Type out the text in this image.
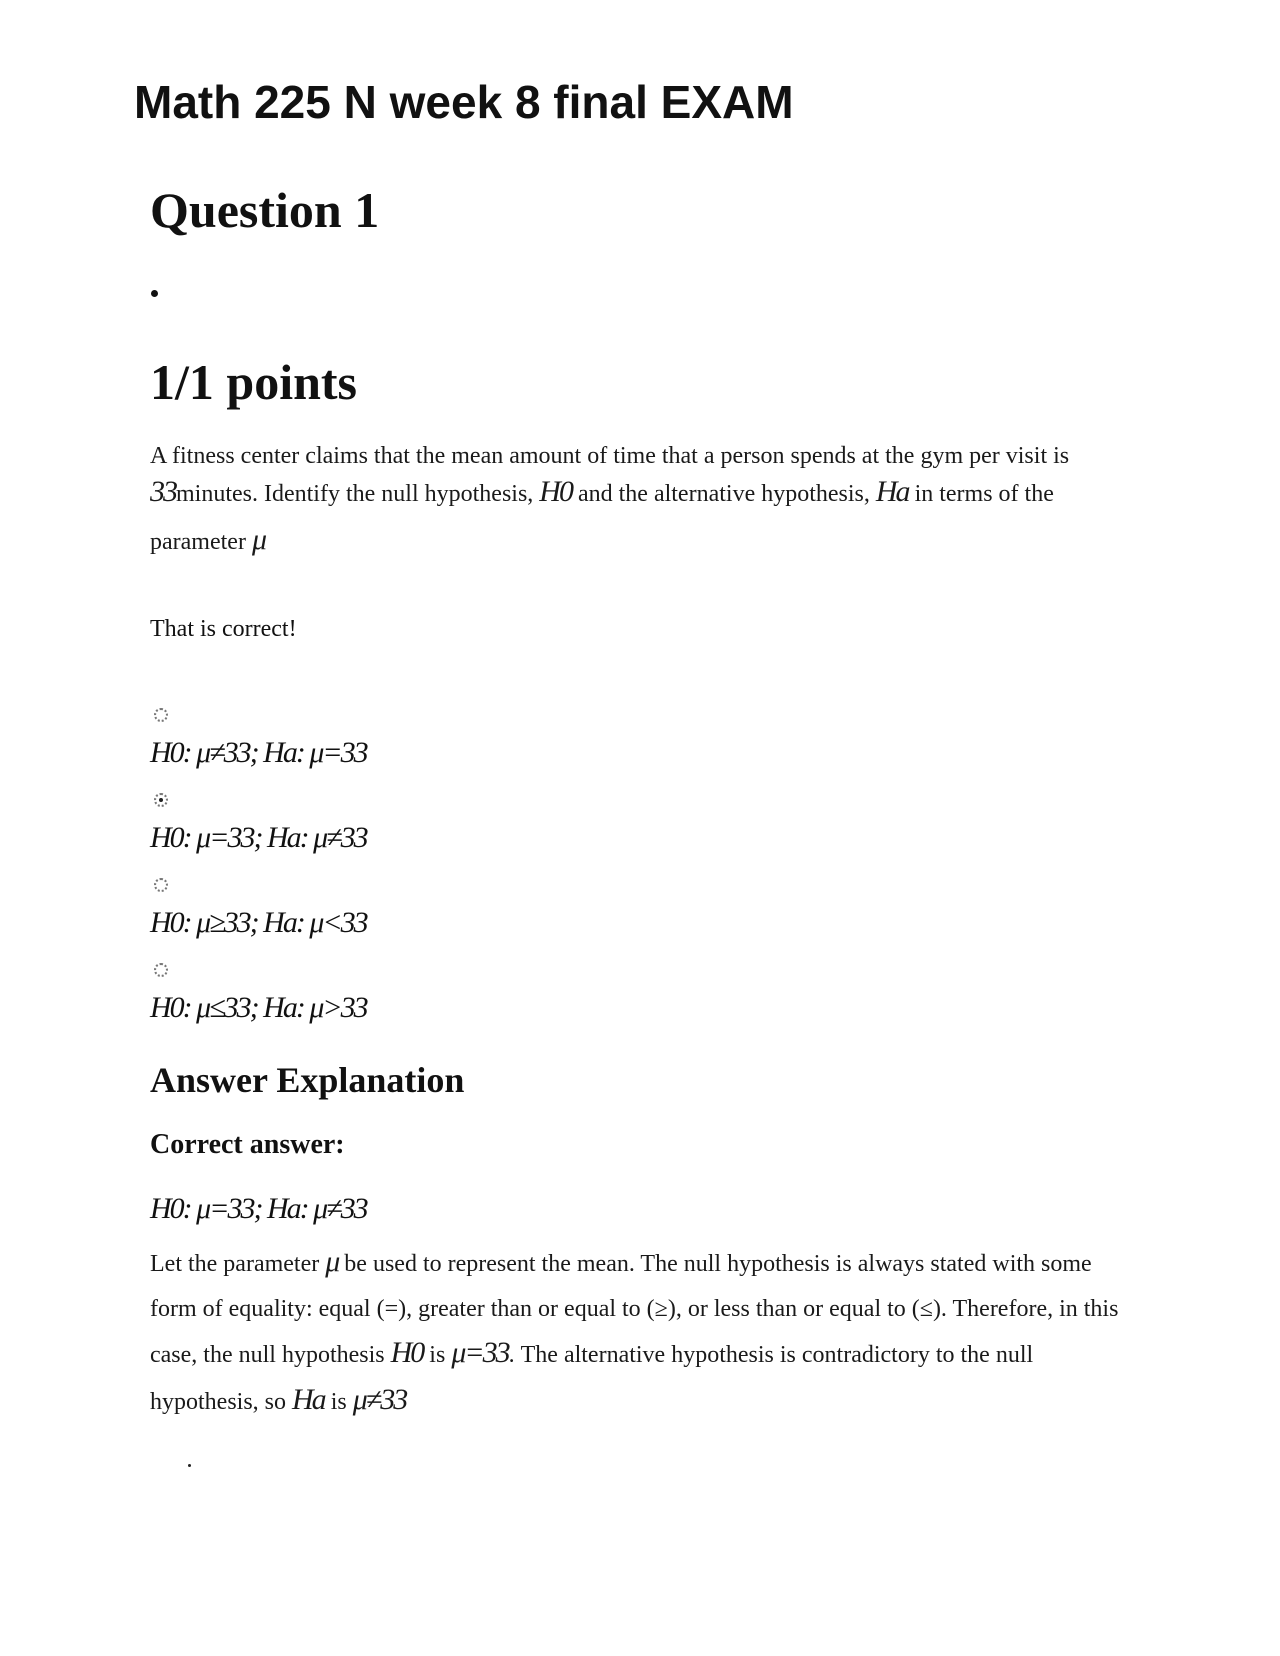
Math 225 N week 8 final EXAM
Question 1
1/1 points

A fitness center claims that the mean amount of time that a person spends at the gym per visit is 33minutes. Identify the null hypothesis, H0 and the alternative hypothesis, Ha in terms of the
parameter μ

That is correct!

H0: μ≠33; Ha: μ=33
H0: μ=33; Ha: μ≠33
H0: μ≥33; Ha: μ<33
H0: μ≤33; Ha: μ>33
Answer Explanation

Correct answer:

H0: μ=33; Ha: μ≠33

Let the parameter μ be used to represent the mean. The null hypothesis is always stated with some form of equality: equal (=), greater than or equal to (≥), or less than or equal to (≤). Therefore, in this case, the null hypothesis H0 is μ=33. The alternative hypothesis is contradictory to the null hypothesis, so Ha is μ≠33
